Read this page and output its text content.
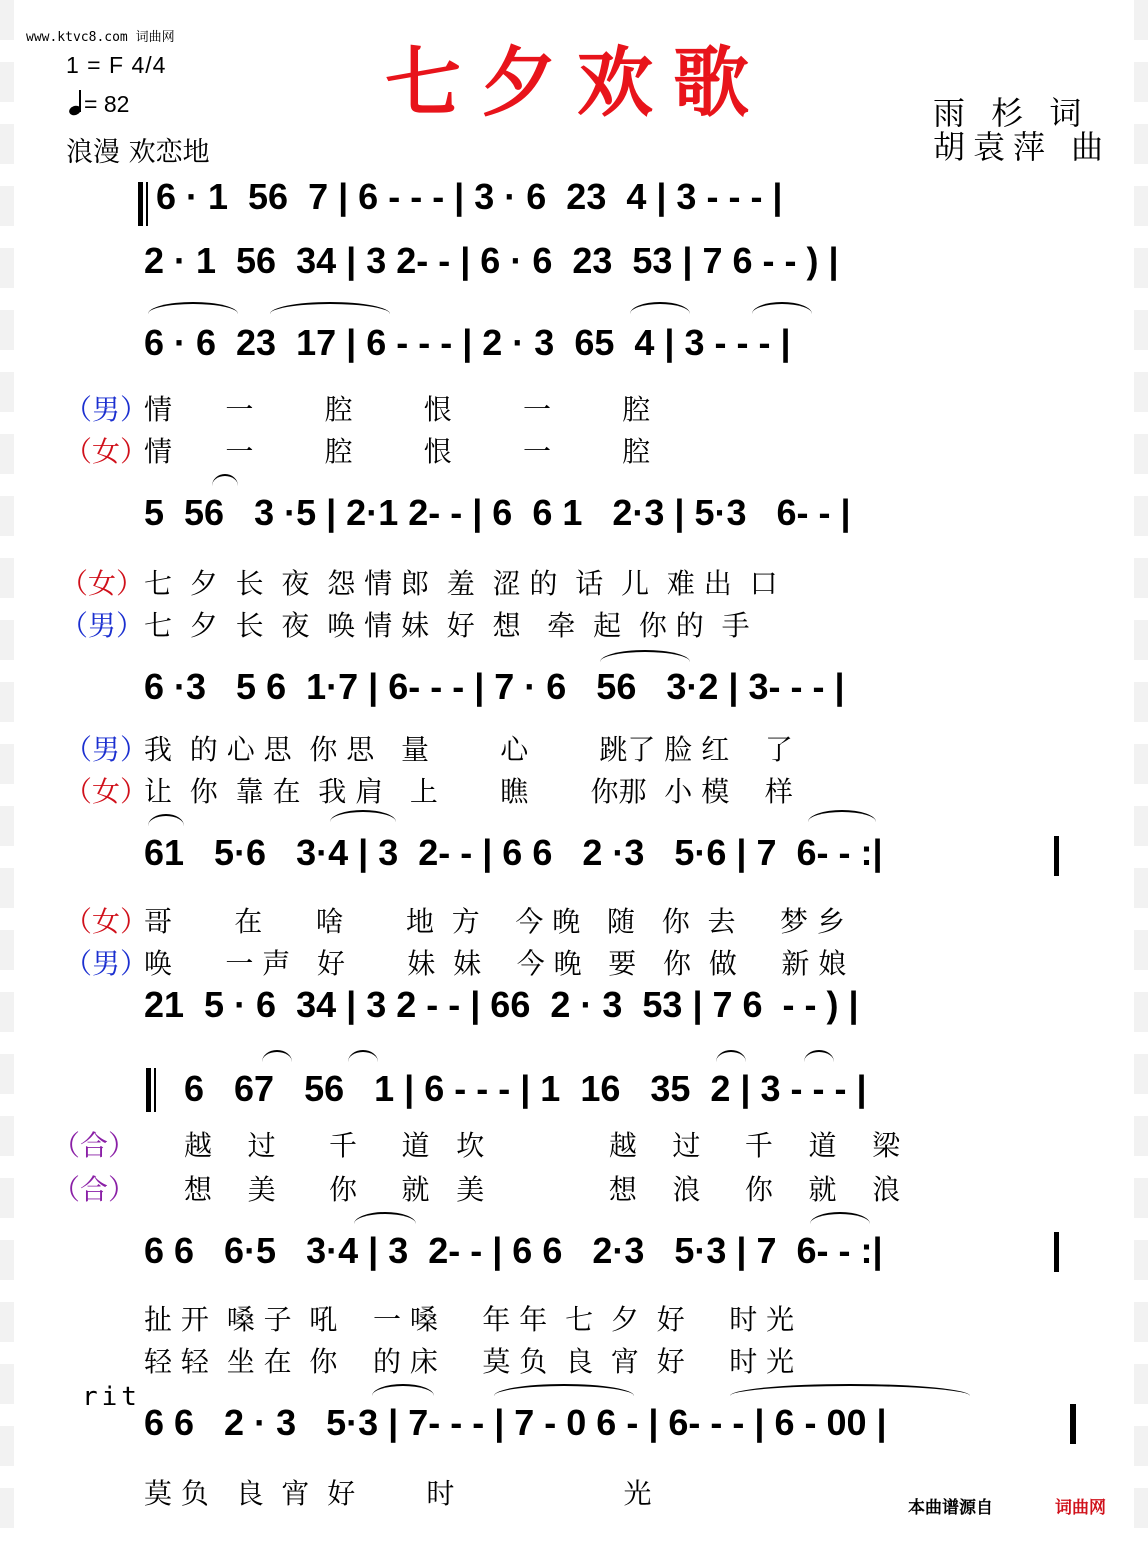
www.ktvc8.com 词曲网
1 = F 4/4
= 82
浪漫 欢恋地
七夕欢歌	雨 杉 词
胡袁萍 曲
6 · 1  56  7 | 6 - - - | 3 · 6  23  4 | 3 - - - |
2 · 1  56  34 | 3 2- - | 6 · 6  23  53 | 7 6 - - ) |
6 · 6  23  17 | 6 - - - | 2 · 3  65  4 | 3 - - - |
（男）
情      一        腔        恨        一        腔
（女）
情      一        腔        恨        一        腔
5  56   3 ·5 | 2·1 2- - | 6  6 1   2·3 | 5·3   6- - |
（女） 七  夕  长  夜  怨 情 郎  羞  涩 的  话  儿  难 出  口
（男） 七  夕  长  夜  唤 情 妹  好  想   牵  起  你 的  手
6 ·3   5 6  1·7 | 6- - - | 7 · 6   56   3·2 | 3- - - |
（男）
我  的 心 思  你 思   量        心        跳了 脸 红    了
（女）
让  你  靠 在  我 肩   上       瞧       你那  小 模    样
61   5·6   3·4 | 3  2- - | 6 6   2 ·3   5·6 | 7  6- - :|
（女）
哥       在      啥       地  方    今 晚   随   你  去     梦 乡
（男）
唤      一 声   好       妹  妹    今 晚   要   你  做     新 娘
21  5 · 6  34 | 3 2 - - | 66  2 · 3  53 | 7 6  - - ) |
6   67   56   1 | 6 - - - | 1  16   35  2 | 3 - - - |
（合） 越    过      千     道   坎              越    过     千    道    梁
（合） 想    美      你     就   美              想    浪     你    就    浪
6 6   6·5   3·4 | 3  2- - | 6 6   2·3   5·3 | 7  6- - :|
扯 开  嗓 子  吼    一 嗓     年 年  七  夕  好     时 光
轻 轻  坐 在  你    的 床     莫 负  良  宵  好     时 光
rit
6 6   2 · 3   5·3 | 7- - - | 7 - 0 6 - | 6- - - | 6 - 00 |
莫 负   良  宵  好        时                   光	本曲谱源自	词曲网
